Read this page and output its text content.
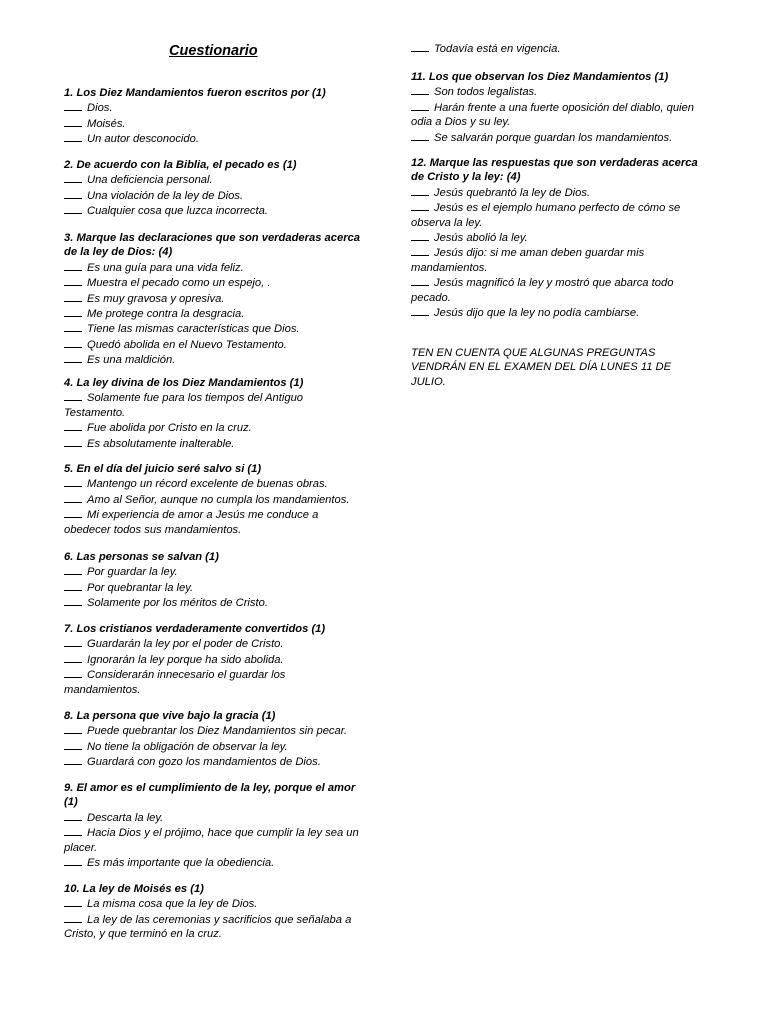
Cuestionario
1. Los Diez Mandamientos fueron escritos por (1)
Dios.
Moisés.
Un autor desconocido.
2. De acuerdo con la Biblia, el pecado es (1)
Una deficiencia personal.
Una violación de la ley de Dios.
Cualquier cosa que luzca incorrecta.
3. Marque las declaraciones que son verdaderas acerca de la ley de Dios: (4)
Es una guía para una vida feliz.
Muestra el pecado como un espejo, .
Es muy gravosa y opresiva.
Me protege contra la desgracia.
Tiene las mismas características que Dios.
Quedó abolida en el Nuevo Testamento.
Es una maldición.
4. La ley divina de los Diez Mandamientos (1)
Solamente fue para los tiempos del Antiguo Testamento.
Fue abolida por Cristo en la cruz.
Es absolutamente inalterable.
5. En el día del juicio seré salvo si (1)
Mantengo un récord excelente de buenas obras.
Amo al Señor, aunque no cumpla los mandamientos.
Mi experiencia de amor a Jesús me conduce a obedecer todos sus mandamientos.
6. Las personas se salvan (1)
Por guardar la ley.
Por quebrantar la ley.
Solamente por los méritos de Cristo.
7. Los cristianos verdaderamente convertidos (1)
Guardarán la ley por el poder de Cristo.
Ignorarán la ley porque ha sido abolida.
Considerarán innecesario el guardar los mandamientos.
8. La persona que vive bajo la gracia (1)
Puede quebrantar los Diez Mandamientos sin pecar.
No tiene la obligación de observar la ley.
Guardará con gozo los mandamientos de Dios.
9. El amor es el cumplimiento de la ley, porque el amor (1)
Descarta la ley.
Hacia Dios y el prójimo, hace que cumplir la ley sea un placer.
Es más importante que la obediencia.
10. La ley de Moisés es (1)
La misma cosa que la ley de Dios.
La ley de las ceremonias y sacrificios que señalaba a Cristo, y que terminó en la cruz.
Todavía está en vigencia.
11. Los que observan los Diez Mandamientos (1)
Son todos legalistas.
Harán frente a una fuerte oposición del diablo, quien odia a Dios y su ley.
Se salvarán porque guardan los mandamientos.
12. Marque las respuestas que son verdaderas acerca de Cristo y la ley: (4)
Jesús quebrantó la ley de Dios.
Jesús es el ejemplo humano perfecto de cómo se observa la ley.
Jesús abolió la ley.
Jesús dijo: si me aman deben guardar mis mandamientos.
Jesús magnificó la ley y mostró que abarca todo pecado.
Jesús dijo que la ley no podía cambiarse.
TEN EN CUENTA QUE ALGUNAS PREGUNTAS VENDRÁN EN EL EXAMEN DEL DÍA LUNES 11 DE JULIO.
